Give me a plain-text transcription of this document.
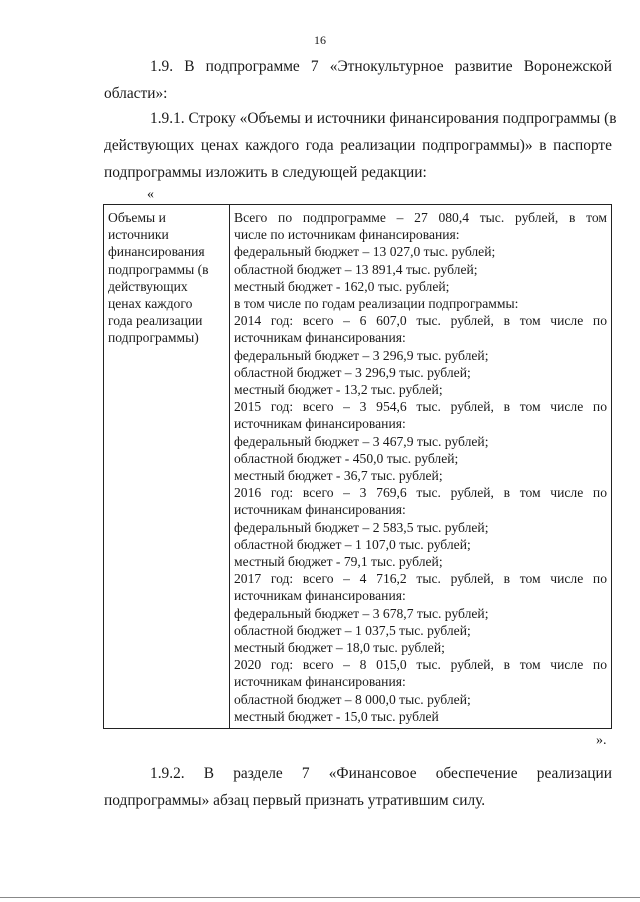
16

1.9. В подпрограмме 7 «Этнокультурное развитие Воронежской
области»:

1.9.1. Строку «Объемы и источники финансирования подпрограммы (в
действующих ценах каждого года реализации подпрограммы)» в паспорте
подпрограммы изложить в следующей редакции:

«
Объемы и
источники
финансирования
подпрограммы (в
действующих
ценах каждого
года реализации
подпрограммы)
Всего по подпрограмме – 27 080,4 тыс. рублей, в том
числе по источникам финансирования:
федеральный бюджет – 13 027,0 тыс. рублей;
областной бюджет – 13 891,4 тыс. рублей;
местный бюджет - 162,0 тыс. рублей;
в том числе по годам реализации подпрограммы:
2014 год: всего – 6 607,0 тыс. рублей, в том числе по
источникам финансирования:
федеральный бюджет – 3 296,9 тыс. рублей;
областной бюджет – 3 296,9 тыс. рублей;
местный бюджет - 13,2 тыс. рублей;
2015 год: всего – 3 954,6 тыс. рублей, в том числе по
источникам финансирования:
федеральный бюджет – 3 467,9 тыс. рублей;
областной бюджет - 450,0 тыс. рублей;
местный бюджет - 36,7 тыс. рублей;
2016 год: всего – 3 769,6 тыс. рублей, в том числе по
источникам финансирования:
федеральный бюджет – 2 583,5 тыс. рублей;
областной бюджет – 1 107,0 тыс. рублей;
местный бюджет - 79,1 тыс. рублей;
2017 год: всего – 4 716,2 тыс. рублей, в том числе по
источникам финансирования:
федеральный бюджет – 3 678,7 тыс. рублей;
областной бюджет – 1 037,5 тыс. рублей;
местный бюджет – 18,0 тыс. рублей;
2020 год: всего – 8 015,0 тыс. рублей, в том числе по
источникам финансирования:
областной бюджет – 8 000,0 тыс. рублей;
местный бюджет - 15,0 тыс. рублей
».

1.9.2. В разделе 7 «Финансовое обеспечение реализации
подпрограммы» абзац первый признать утратившим силу.
